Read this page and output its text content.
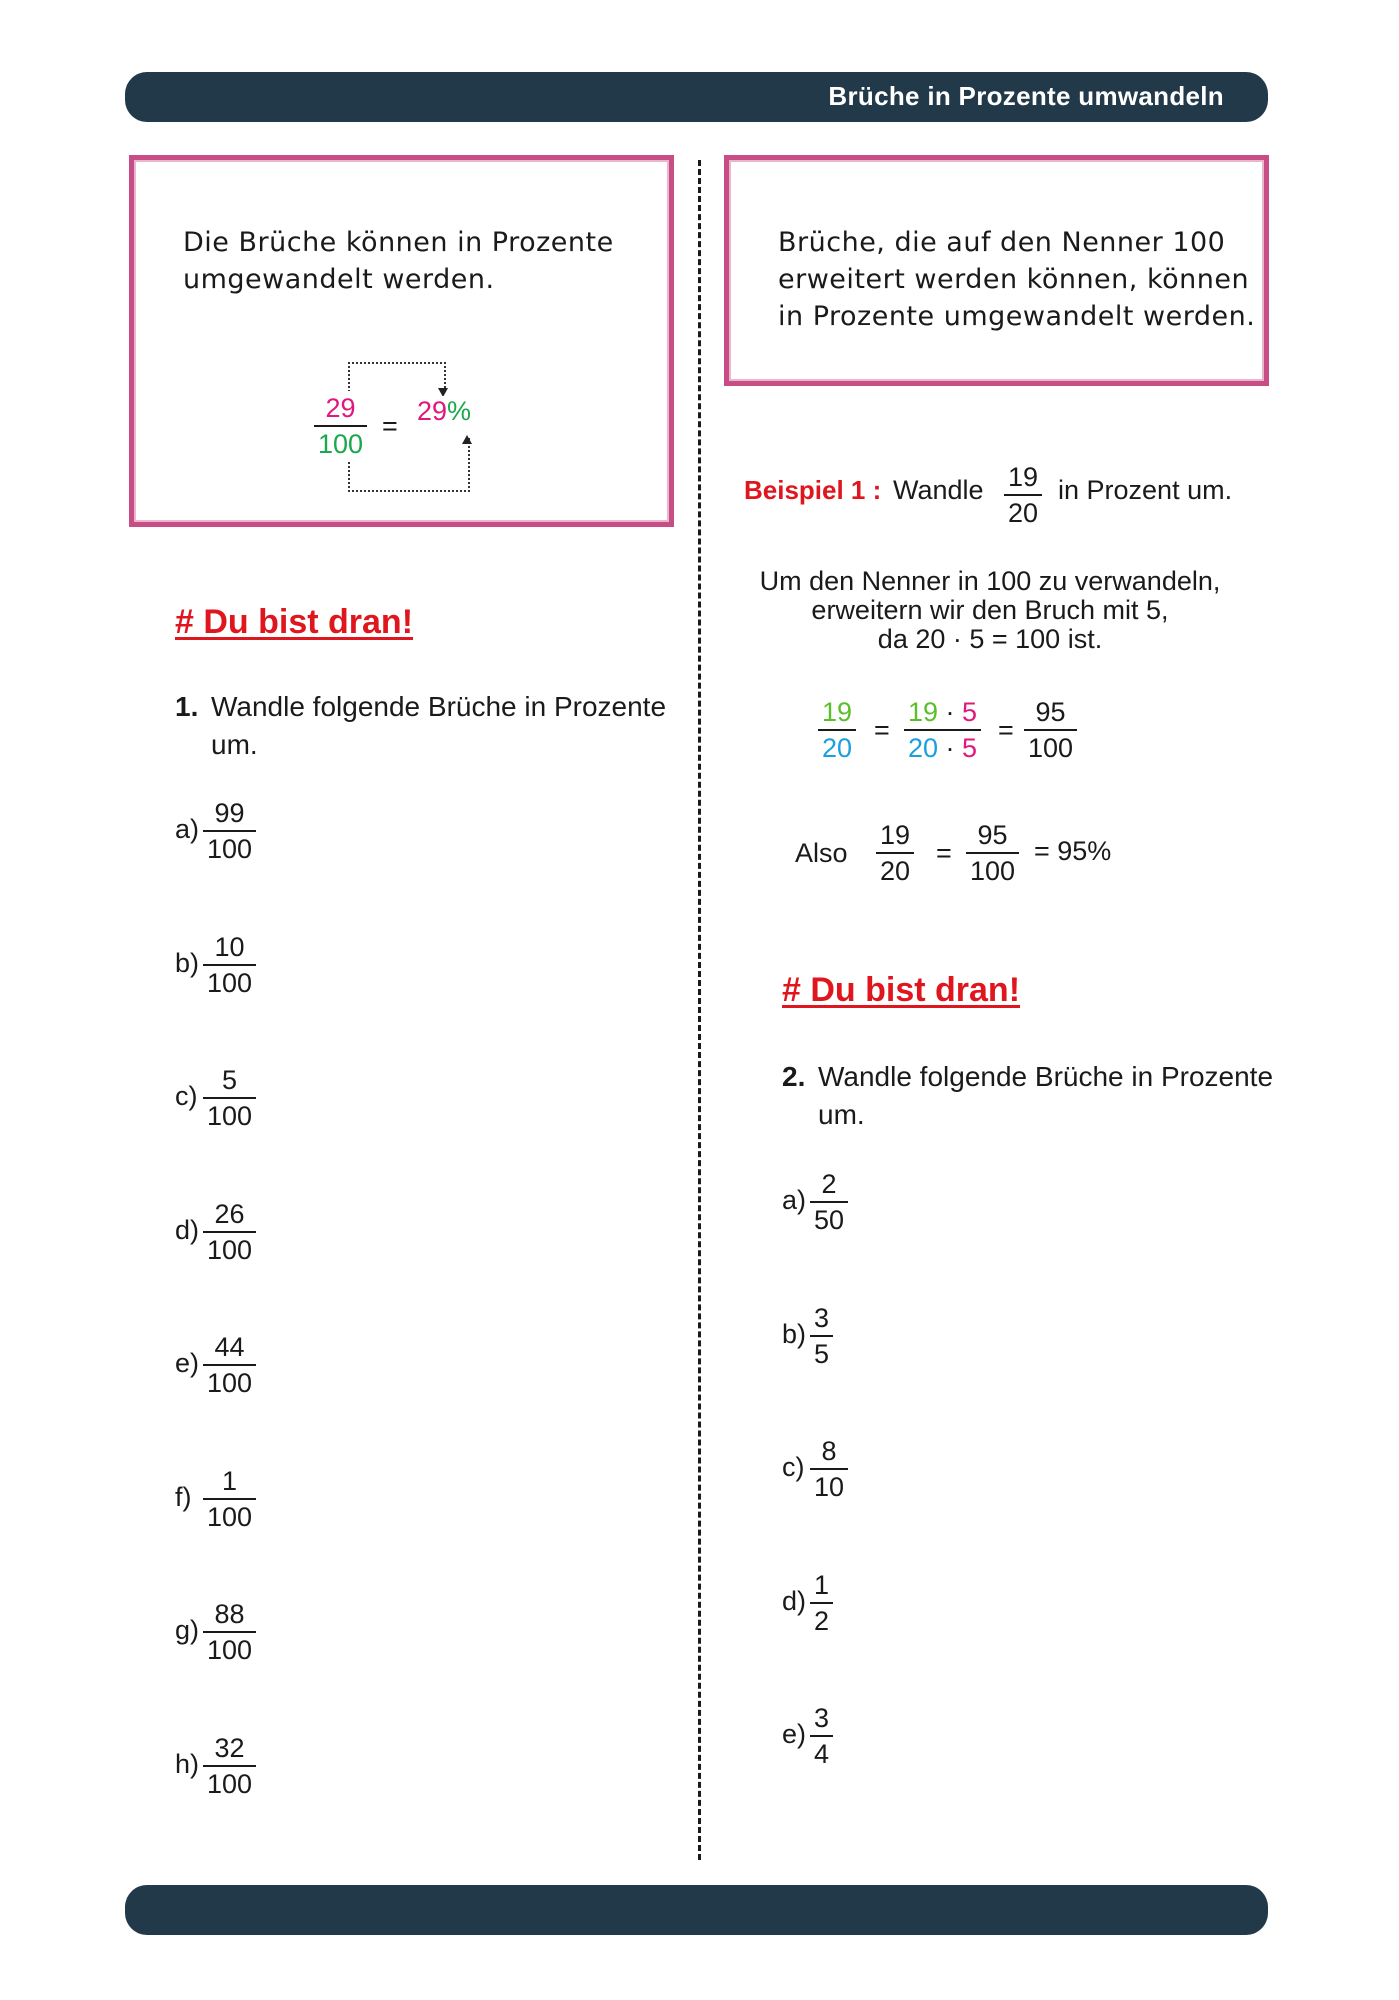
Brüche in Prozente umwandeln
Die Brüche können in Prozente
umgewandelt werden.
29
100
= 29%
Brüche, die auf den Nenner 100
erweitert werden können, können
in Prozente umgewandelt werden.
Beispiel 1 : Wandle 19
20
in Prozent um.
Um den Nenner in 100 zu verwandeln,
erweitern wir den Bruch mit 5,
da 20 · 5 = 100 ist.
19
20
=
19 · 5
20 · 5
=
95
100
Also
19
20
=
95
100
= 95%
# Du bist dran!
1. Wandle folgende Brüche in Prozente
um.
a)
99
100
b)
10
100
c)
5
100
d)
26
100
e)
44
100
f)
1
100
g)
88
100
h)
32
100
# Du bist dran!
2. Wandle folgende Brüche in Prozente
um.
a)
2
50
b)
3
5
c)
8
10
d)
1
2
e)
3
4
